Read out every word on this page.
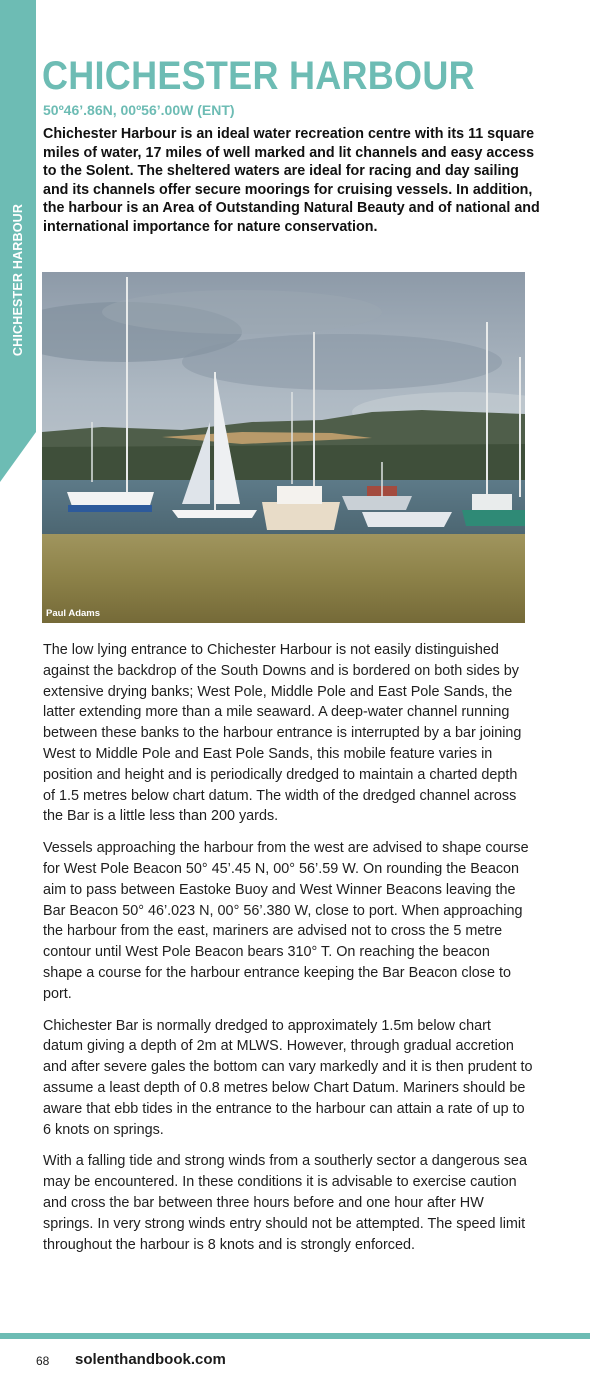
CHICHESTER HARBOUR
CHICHESTER HARBOUR
50º46’.86N, 00º56’.00W (ENT)

Chichester Harbour is an ideal water recreation centre with its 11 square miles of water, 17 miles of well marked and lit channels and easy access to the Solent. The sheltered waters are ideal for racing and day sailing and its channels offer secure moorings for cruising vessels. In addition, the harbour is an Area of Outstanding Natural Beauty and of national and international importance for nature conservation.

Paul Adams

The low lying entrance to Chichester Harbour is not easily distinguished against the backdrop of the South Downs and is bordered on both sides by extensive drying banks; West Pole, Middle Pole and East Pole Sands, the latter extending more than a mile seaward. A deep-water channel running between these banks to the harbour entrance is interrupted by a bar joining West to Middle Pole and East Pole Sands, this mobile feature varies in position and height and is periodically dredged to maintain a charted depth of 1.5 metres below chart datum. The width of the dredged channel across the Bar is a little less than 200 yards.

Vessels approaching the harbour from the west are advised to shape course for West Pole Beacon 50° 45’.45 N, 00° 56’.59 W. On rounding the Beacon aim to pass between Eastoke Buoy and West Winner Beacons leaving the Bar Beacon 50° 46’.023 N, 00° 56’.380 W, close to port. When approaching the harbour from the east, mariners are advised not to cross the 5 metre contour until West Pole Beacon bears 310° T. On reaching the beacon shape a course for the harbour entrance keeping the Bar Beacon close to port.

Chichester Bar is normally dredged to approximately 1.5m below chart datum giving a depth of 2m at MLWS. However, through gradual accretion and after severe gales the bottom can vary markedly and it is then prudent to assume a least depth of 0.8 metres below Chart Datum. Mariners should be aware that ebb tides in the entrance to the harbour can attain a rate of up to 6 knots on springs.

With a falling tide and strong winds from a southerly sector a dangerous sea may be encountered. In these conditions it is advisable to exercise caution and cross the bar between three hours before and one hour after HW springs. In very strong winds entry should not be attempted. The speed limit throughout the harbour is 8 knots and is strongly enforced.

68 solenthandbook.com
